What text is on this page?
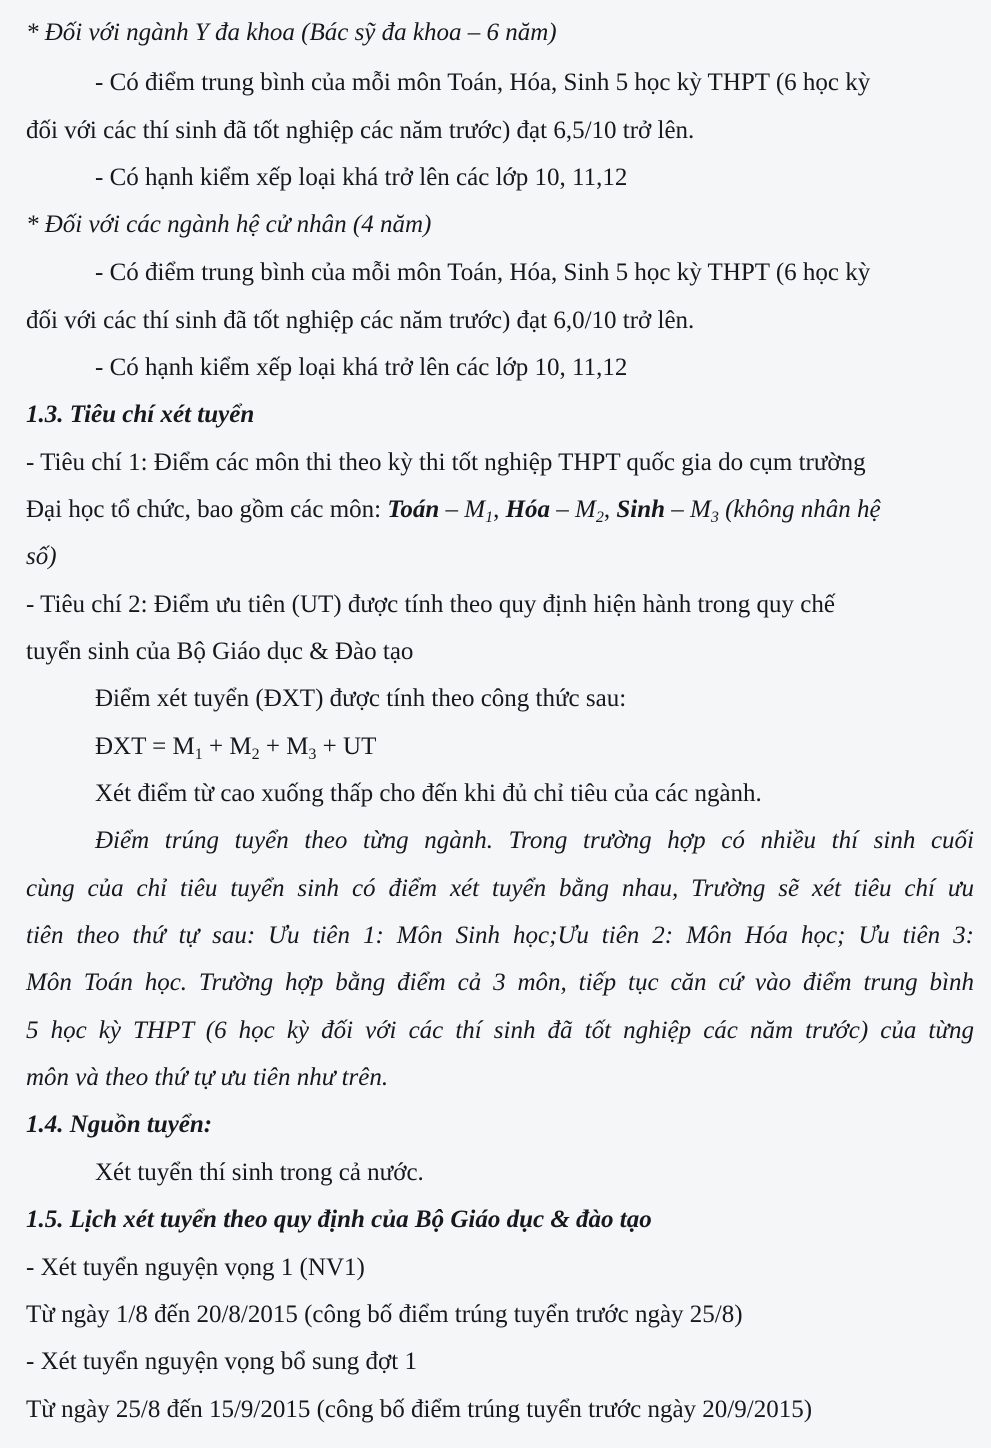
* Đối với ngành Y đa khoa (Bác sỹ đa khoa – 6 năm)
- Có điểm trung bình của mỗi môn Toán, Hóa, Sinh 5 học kỳ THPT (6 học kỳ
đối với các thí sinh đã tốt nghiệp các năm trước) đạt 6,5/10 trở lên.
- Có hạnh kiểm xếp loại khá trở lên các lớp 10, 11,12
* Đối với các ngành hệ cử nhân (4 năm)
- Có điểm trung bình của mỗi môn Toán, Hóa, Sinh 5 học kỳ THPT (6 học kỳ
đối với các thí sinh đã tốt nghiệp các năm trước) đạt 6,0/10 trở lên.
- Có hạnh kiểm xếp loại khá trở lên các lớp 10, 11,12
1.3. Tiêu chí xét tuyển
- Tiêu chí 1: Điểm các môn thi theo kỳ thi tốt nghiệp THPT quốc gia do cụm trường
Đại học tổ chức, bao gồm các môn: Toán – $M_1$, Hóa – $M_2$, Sinh – $M_3$ (không nhân hệ
số)
- Tiêu chí 2: Điểm ưu tiên (UT) được tính theo quy định hiện hành trong quy chế
tuyển sinh của Bộ Giáo dục & Đào tạo
Điểm xét tuyển (ĐXT) được tính theo công thức sau:
ĐXT = $M_1 + M_2 + M_3$ + UT
Xét điểm từ cao xuống thấp cho đến khi đủ chỉ tiêu của các ngành.
Điểm trúng tuyển theo từng ngành. Trong trường hợp có nhiều thí sinh cuối
cùng của chỉ tiêu tuyển sinh có điểm xét tuyển bằng nhau, Trường sẽ xét tiêu chí ưu
tiên theo thứ tự sau: Ưu tiên 1: Môn Sinh học;Ưu tiên 2: Môn Hóa học; Ưu tiên 3:
Môn Toán học. Trường hợp bằng điểm cả 3 môn, tiếp tục căn cứ vào điểm trung bình
5 học kỳ THPT (6 học kỳ đối với các thí sinh đã tốt nghiệp các năm trước) của từng
môn và theo thứ tự ưu tiên như trên.
1.4. Nguồn tuyển:
Xét tuyển thí sinh trong cả nước.
1.5. Lịch xét tuyển theo quy định của Bộ Giáo dục & đào tạo
- Xét tuyển nguyện vọng 1 (NV1)
Từ ngày 1/8 đến 20/8/2015 (công bố điểm trúng tuyển trước ngày 25/8)
- Xét tuyển nguyện vọng bổ sung đợt 1
Từ ngày 25/8 đến 15/9/2015 (công bố điểm trúng tuyển trước ngày 20/9/2015)
